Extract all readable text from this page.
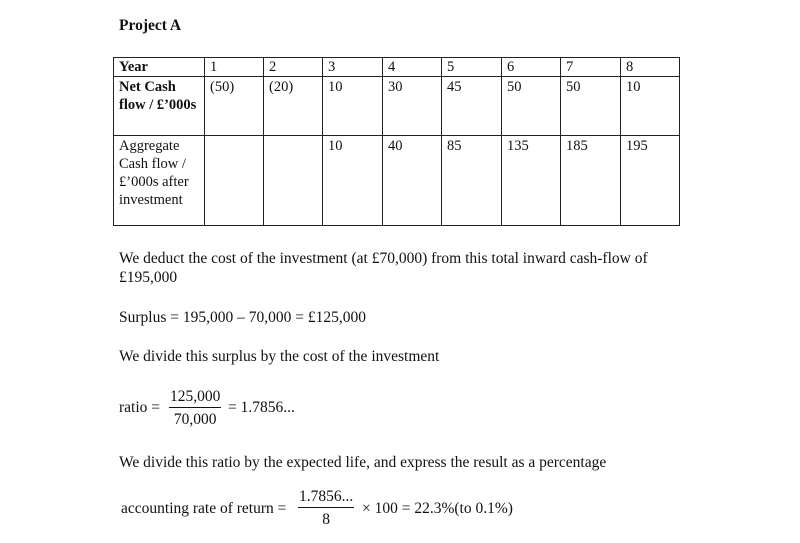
Project A
Year	1	2	3	4	5	6	7	8
Net Cash flow / £’000s	(50)	(20)	10	30	45	50	50	10
Aggregate Cash flow / £’000s after investment			10	40	85	135	185	195
We deduct the cost of the investment (at £70,000) from this total inward cash-flow of £195,000
Surplus = 195,000 – 70,000 = £125,000
We divide this surplus by the cost of the investment
ratio = $\frac{125,000}{70,000} = 1.7856$...
We divide this ratio by the expected life, and express the result as a percentage
accounting rate of return = $\frac{1.7856...}{8} \times 100 = 22.3\%(to$ 0.1%)
